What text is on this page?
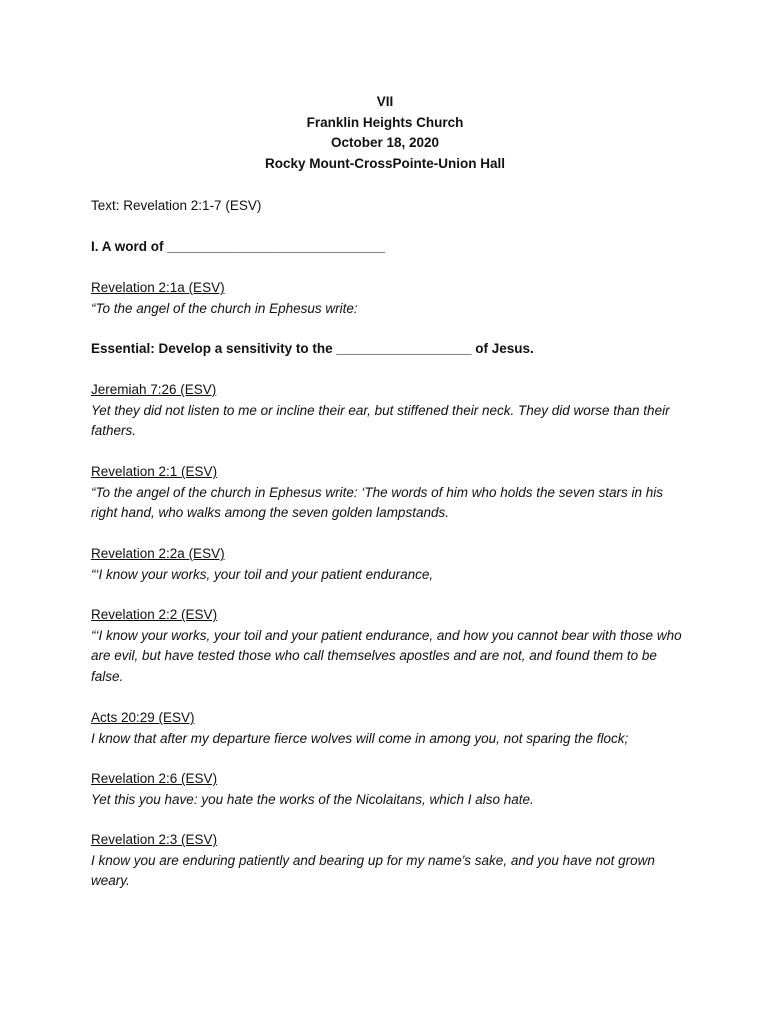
VII
Franklin Heights Church
October 18, 2020
Rocky Mount-CrossPointe-Union Hall
Text: Revelation 2:1-7 (ESV)
I. A word of _____________________________
Revelation 2:1a (ESV)
“To the angel of the church in Ephesus write:
Essential: Develop a sensitivity to the __________________ of Jesus.
Jeremiah 7:26 (ESV)
Yet they did not listen to me or incline their ear, but stiffened their neck. They did worse than their fathers.
Revelation 2:1 (ESV)
“To the angel of the church in Ephesus write: ‘The words of him who holds the seven stars in his right hand, who walks among the seven golden lampstands.
Revelation 2:2a (ESV)
“‘I know your works, your toil and your patient endurance,
Revelation 2:2 (ESV)
“‘I know your works, your toil and your patient endurance, and how you cannot bear with those who are evil, but have tested those who call themselves apostles and are not, and found them to be false.
Acts 20:29 (ESV)
I know that after my departure fierce wolves will come in among you, not sparing the flock;
Revelation 2:6 (ESV)
Yet this you have: you hate the works of the Nicolaitans, which I also hate.
Revelation 2:3 (ESV)
I know you are enduring patiently and bearing up for my name's sake, and you have not grown weary.
